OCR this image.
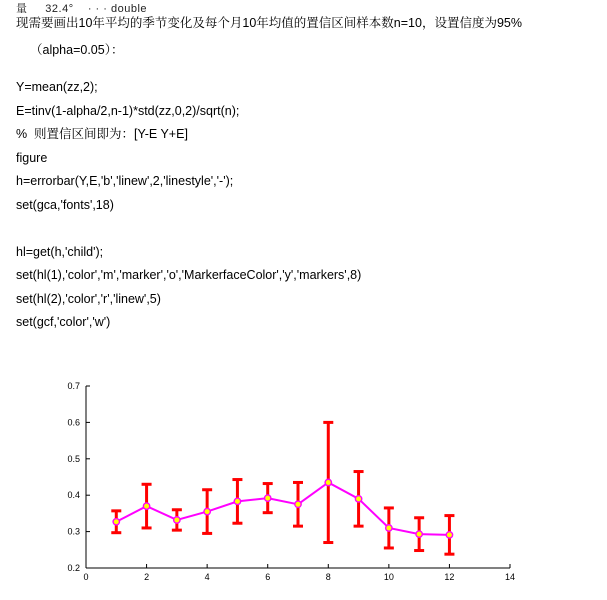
量     32.4°    · · · double

现需要画出10年平均的季节变化及每个月10年均值的置信区间样本数n=10，设置信度为95%

（alpha=0.05）：

Y=mean(zz,2);
E=tinv(1-alpha/2,n-1)*std(zz,0,2)/sqrt(n);
%  则置信区间即为：[Y-E Y+E]
figure
h=errorbar(Y,E,'b','linew',2,'linestyle','-');
set(gca,'fonts',18)
hl=get(h,'child');
set(hl(1),'color','m','marker','o','MarkerfaceColor','y','markers',8)
set(hl(2),'color','r','linew',5)
set(gcf,'color','w')
0	2	4	6	8	10	12	14
0.2
0.3
0.4
0.5
0.6
0.7
